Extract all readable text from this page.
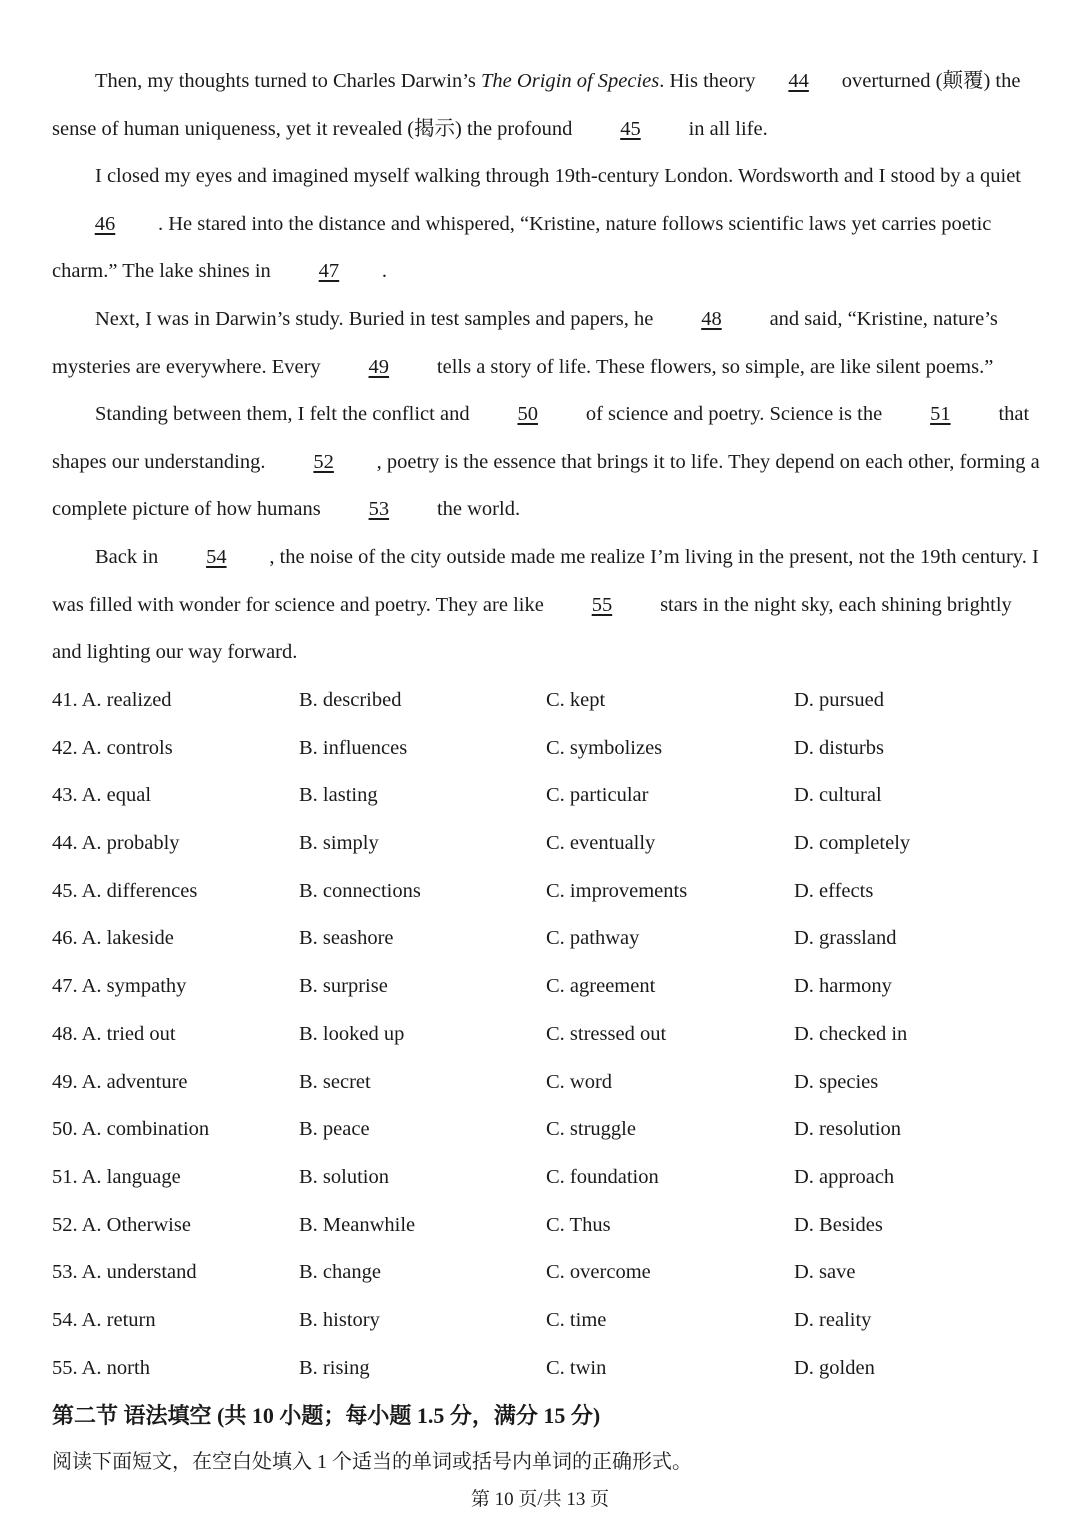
Then, my thoughts turned to Charles Darwin’s The Origin of Species. His theory 44 overturned (颠覆) the sense of human uniqueness, yet it revealed (揭示) the profound 45 in all life.

I closed my eyes and imagined myself walking through 19th-century London. Wordsworth and I stood by a quiet 46 . He stared into the distance and whispered, “Kristine, nature follows scientific laws yet carries poetic charm.” The lake shines in 47 .

Next, I was in Darwin’s study. Buried in test samples and papers, he 48 and said, “Kristine, nature’s mysteries are everywhere. Every 49 tells a story of life. These flowers, so simple, are like silent poems.”

Standing between them, I felt the conflict and 50 of science and poetry. Science is the 51 that shapes our understanding. 52 , poetry is the essence that brings it to life. They depend on each other, forming a complete picture of how humans 53 the world.

Back in 54 , the noise of the city outside made me realize I’m living in the present, not the 19th century. I was filled with wonder for science and poetry. They are like 55 stars in the night sky, each shining brightly and lighting our way forward.

41. A. realized	B. described	C. kept	D. pursued
42. A. controls	B. influences	C. symbolizes	D. disturbs
43. A. equal	B. lasting	C. particular	D. cultural
44. A. probably	B. simply	C. eventually	D. completely
45. A. differences	B. connections	C. improvements	D. effects
46. A. lakeside	B. seashore	C. pathway	D. grassland
47. A. sympathy	B. surprise	C. agreement	D. harmony
48. A. tried out	B. looked up	C. stressed out	D. checked in
49. A. adventure	B. secret	C. word	D. species
50. A. combination	B. peace	C. struggle	D. resolution
51. A. language	B. solution	C. foundation	D. approach
52. A. Otherwise	B. Meanwhile	C. Thus	D. Besides
53. A. understand	B. change	C. overcome	D. save
54. A. return	B. history	C. time	D. reality
55. A. north	B. rising	C. twin	D. golden
第二节 语法填空 (共 10 小题；每小题 1.5 分，满分 15 分)
阅读下面短文，在空白处填入 1 个适当的单词或括号内单词的正确形式。
第 10 页/共 13 页
